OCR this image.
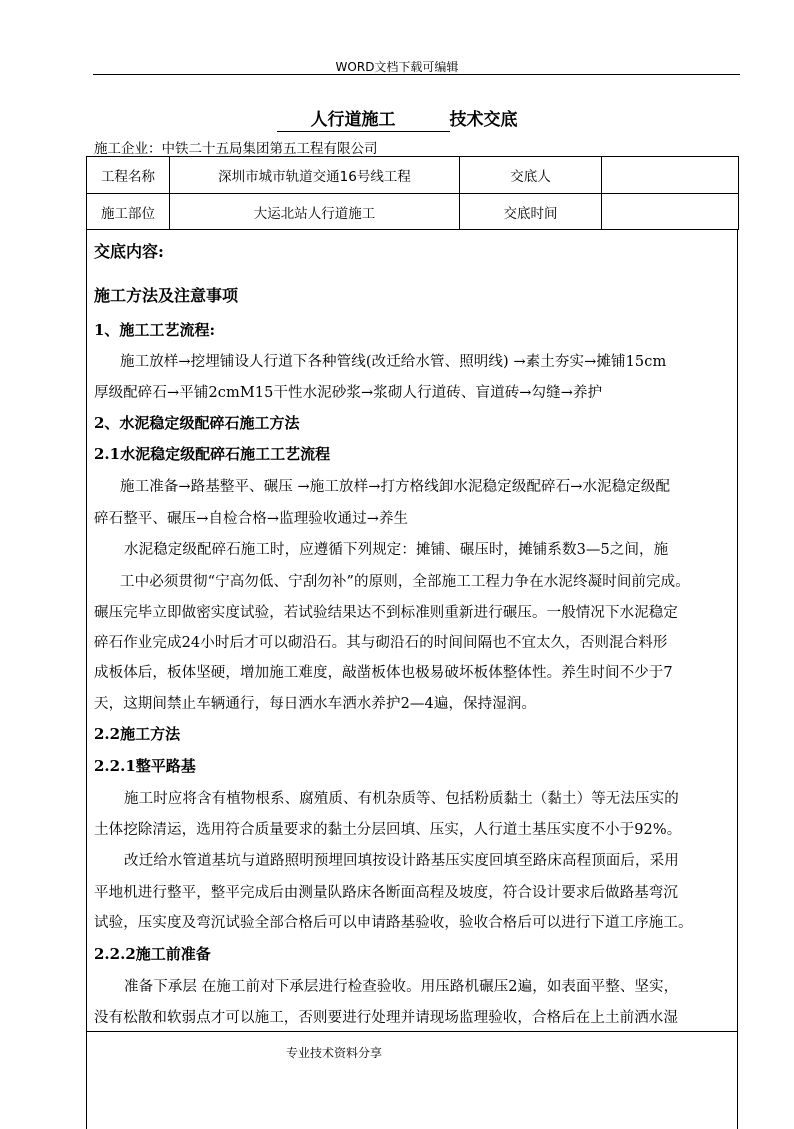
WORD文档下载可编辑
人行道施工	技术交底
施工企业：中铁二十五局集团第五工程有限公司
工程名称	深圳市城市轨道交通16号线工程	交底人	
施工部位	大运北站人行道施工	交底时间	
交底内容:
施工方法及注意事项
1、施工工艺流程:
施工放样→挖埋铺设人行道下各种管线(改迁给水管、照明线) →素土夯实→摊铺15cm
厚级配碎石→平铺2cmM15干性水泥砂浆→浆砌人行道砖、盲道砖→勾缝→养护
2、水泥稳定级配碎石施工方法
2.1水泥稳定级配碎石施工工艺流程
施工准备→路基整平、碾压 →施工放样→打方格线卸水泥稳定级配碎石→水泥稳定级配
碎石整平、碾压→自检合格→监理验收通过→养生
水泥稳定级配碎石施工时，应遵循下列规定：摊铺、碾压时，摊铺系数3—5之间，施
工中必须贯彻“宁高勿低、宁刮勿补”的原则，全部施工工程力争在水泥终凝时间前完成。
碾压完毕立即做密实度试验，若试验结果达不到标准则重新进行碾压。一般情况下水泥稳定
碎石作业完成24小时后才可以砌沿石。其与砌沿石的时间间隔也不宜太久，否则混合料形
成板体后，板体坚硬，增加施工难度，敲凿板体也极易破坏板体整体性。养生时间不少于7
天，这期间禁止车辆通行，每日洒水车洒水养护2—4遍，保持湿润。
2.2施工方法
2.2.1整平路基
施工时应将含有植物根系、腐殖质、有机杂质等、包括粉质黏土（黏土）等无法压实的
土体挖除清运，选用符合质量要求的黏土分层回填、压实，人行道土基压实度不小于92%。
改迁给水管道基坑与道路照明预埋回填按设计路基压实度回填至路床高程顶面后，采用
平地机进行整平，整平完成后由测量队路床各断面高程及坡度，符合设计要求后做路基弯沉
试验，压实度及弯沉试验全部合格后可以申请路基验收，验收合格后可以进行下道工序施工。
2.2.2施工前准备
准备下承层 在施工前对下承层进行检查验收。用压路机碾压2遍，如表面平整、坚实，
没有松散和软弱点才可以施工，否则要进行处理并请现场监理验收，合格后在上土前洒水湿
专业技术资料分享
